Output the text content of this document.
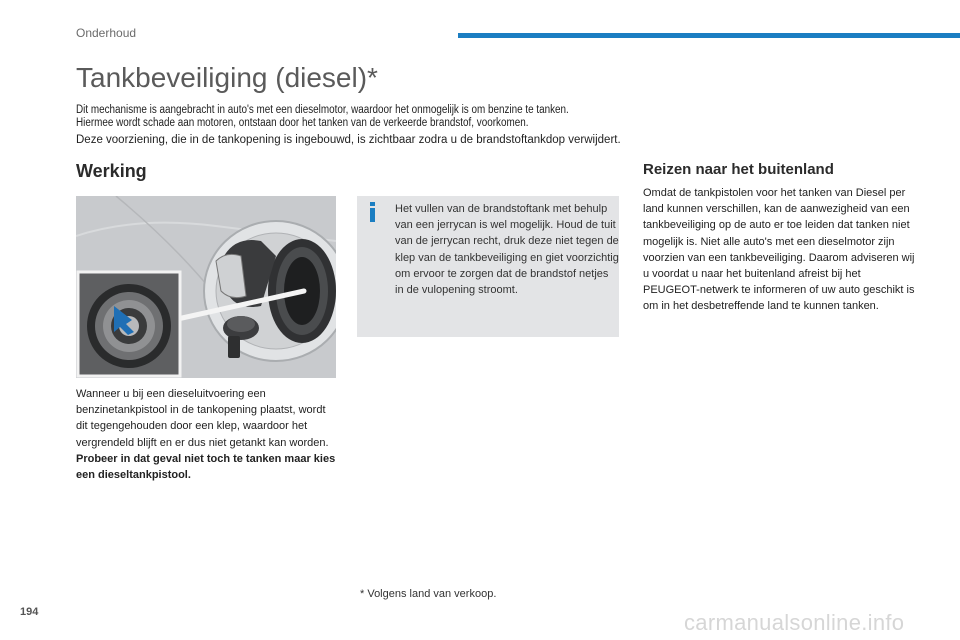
Onderhoud
Tankbeveiliging (diesel)*
Dit mechanisme is aangebracht in auto's met een dieselmotor, waardoor het onmogelijk is om benzine te tanken.
Hiermee wordt schade aan motoren, ontstaan door het tanken van de verkeerde brandstof, voorkomen.
Deze voorziening, die in de tankopening is ingebouwd, is zichtbaar zodra u de brandstoftankdop verwijdert.
Werking
Het vullen van de brandstoftank met behulp van een jerrycan is wel mogelijk. Houd de tuit van de jerrycan recht, druk deze niet tegen de klep van de tankbeveiliging en giet voorzichtig om ervoor te zorgen dat de brandstof netjes in de vulopening stroomt.
Wanneer u bij een dieseluitvoering een benzinetankpistool in de tankopening plaatst, wordt dit tegengehouden door een klep, waardoor het vergrendeld blijft en er dus niet getankt kan worden.
Probeer in dat geval niet toch te tanken maar kies een dieseltankpistool.
Reizen naar het buitenland
Omdat de tankpistolen voor het tanken van Diesel per land kunnen verschillen, kan de aanwezigheid van een tankbeveiliging op de auto er toe leiden dat tanken niet mogelijk is. Niet alle auto's met een dieselmotor zijn voorzien van een tankbeveiliging. Daarom adviseren wij u voordat u naar het buitenland afreist bij het PEUGEOT-netwerk te informeren of uw auto geschikt is om in het desbetreffende land te kunnen tanken.
* Volgens land van verkoop.
194	carmanualsonline.info
